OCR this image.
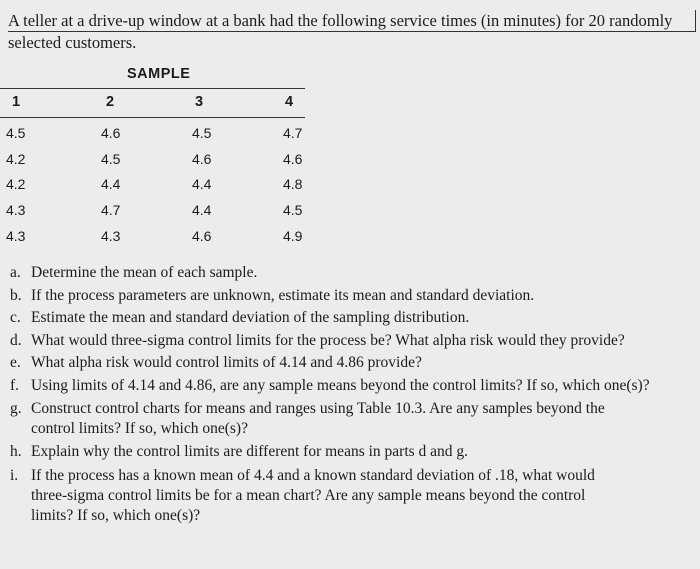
A teller at a drive-up window at a bank had the following service times (in minutes) for 20 randomly
selected customers.

SAMPLE

1	2	3	4
4.5	4.6	4.5	4.7
4.2	4.5	4.6	4.6
4.2	4.4	4.4	4.8
4.3	4.7	4.4	4.5
4.3	4.3	4.6	4.9
a. Determine the mean of each sample.
b. If the process parameters are unknown, estimate its mean and standard deviation.
c. Estimate the mean and standard deviation of the sampling distribution.
d. What would three-sigma control limits for the process be? What alpha risk would they provide?
e. What alpha risk would control limits of 4.14 and 4.86 provide?
f. Using limits of 4.14 and 4.86, are any sample means beyond the control limits? If so, which one(s)?
g. Construct control charts for means and ranges using Table 10.3. Are any samples beyond the
control limits? If so, which one(s)?
h. Explain why the control limits are different for means in parts d and g.
i. If the process has a known mean of 4.4 and a known standard deviation of .18, what would
three-sigma control limits be for a mean chart? Are any sample means beyond the control
limits? If so, which one(s)?
